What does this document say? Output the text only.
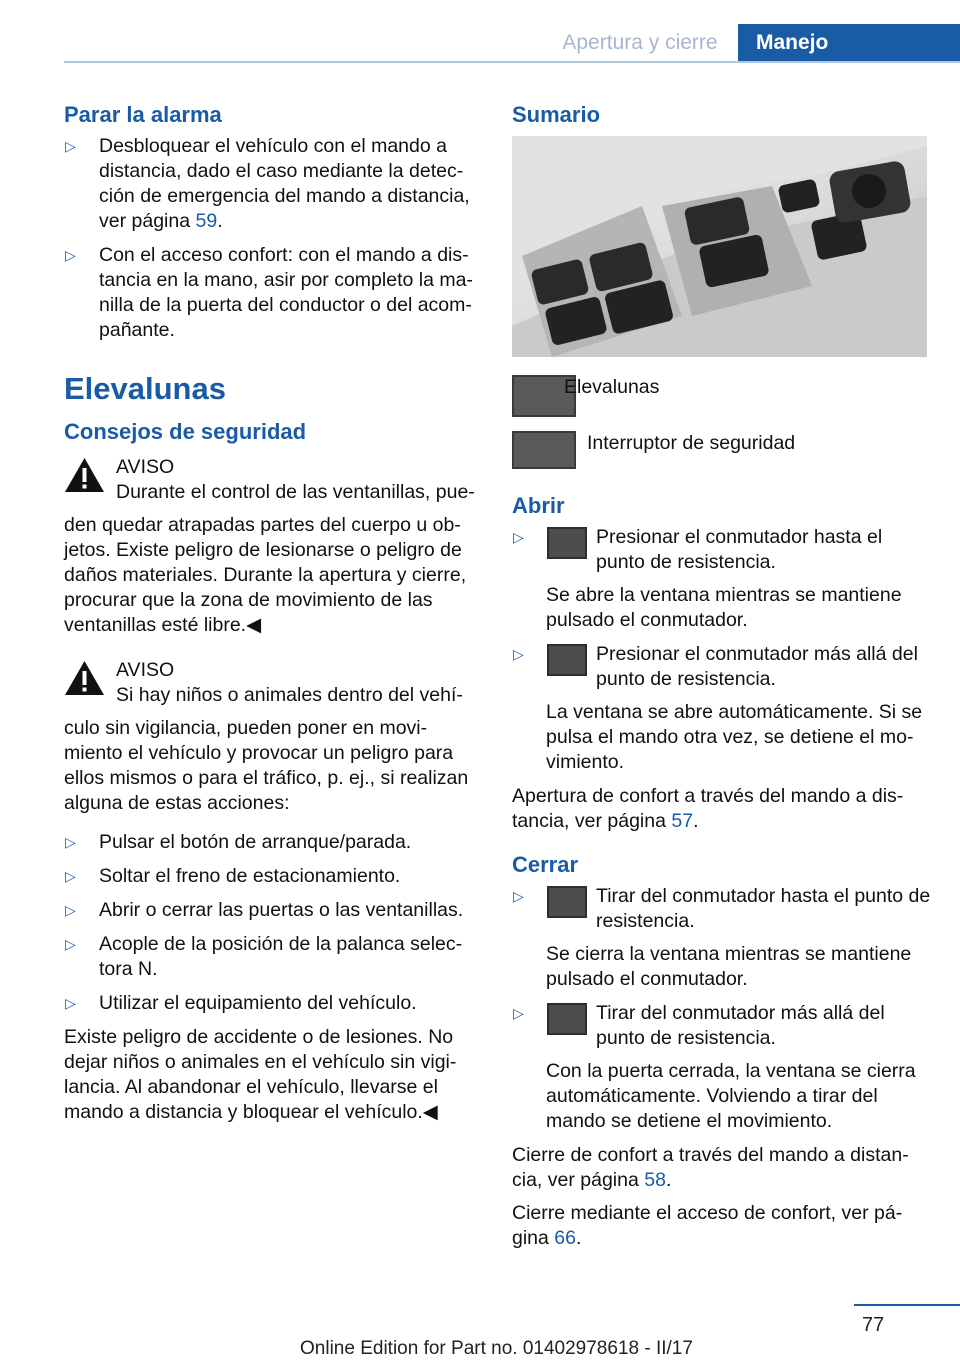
Apertura y cierre	Manejo
Parar la alarma
▷ Desbloquear el vehículo con el mando a distancia, dado el caso mediante la detec‐ción de emergencia del mando a distancia, ver página 59.
▷ Con el acceso confort: con el mando a dis‐tancia en la mano, asir por completo la ma‐nilla de la puerta del conductor o del acom‐pañante.
Elevalunas
Consejos de seguridad
AVISO
Durante el control de las ventanillas, pue‐

den quedar atrapadas partes del cuerpo u ob‐jetos. Existe peligro de lesionarse o peligro de daños materiales. Durante la apertura y cierre, procurar que la zona de movimiento de las ventanillas esté libre.◀

AVISO
Si hay niños o animales dentro del vehí‐

culo sin vigilancia, pueden poner en movi‐miento el vehículo y provocar un peligro para ellos mismos o para el tráfico, p. ej., si realizan alguna de estas acciones:

▷ Pulsar el botón de arranque/parada.
▷ Soltar el freno de estacionamiento.
▷ Abrir o cerrar las puertas o las ventanillas.
▷ Acople de la posición de la palanca selec‐tora N.
▷ Utilizar el equipamiento del vehículo.

Existe peligro de accidente o de lesiones. No dejar niños o animales en el vehículo sin vigi‐lancia. Al abandonar el vehículo, llevarse el mando a distancia y bloquear el vehículo.◀

Sumario
Elevalunas
Interruptor de seguridad
Abrir
▷	Presionar el conmutador hasta el punto de resistencia.
Se abre la ventana mientras se mantiene pulsado el conmutador.
▷	Presionar el conmutador más allá del punto de resistencia.
La ventana se abre automáticamente. Si se pulsa el mando otra vez, se detiene el mo‐vimiento.

Apertura de confort a través del mando a dis‐tancia, ver página 57.

Cerrar
▷	Tirar del conmutador hasta el punto de resistencia.
Se cierra la ventana mientras se mantiene pulsado el conmutador.
▷	Tirar del conmutador más allá del punto de resistencia.
Con la puerta cerrada, la ventana se cierra automáticamente. Volviendo a tirar del mando se detiene el movimiento.

Cierre de confort a través del mando a distan‐cia, ver página 58.

Cierre mediante el acceso de confort, ver pá‐gina 66.

77
Online Edition for Part no. 01402978618 - II/17
